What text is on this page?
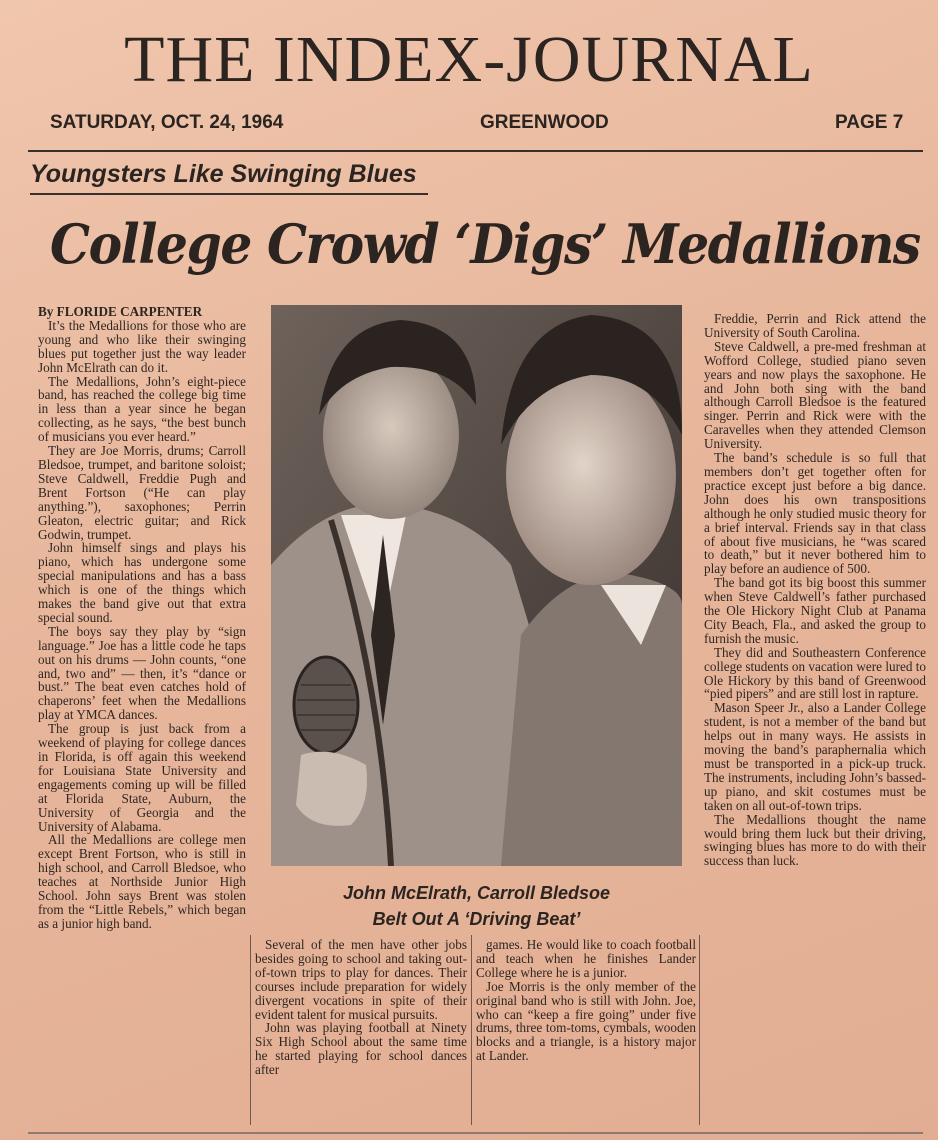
THE INDEX-JOURNAL
SATURDAY, OCT. 24, 1964	GREENWOOD	PAGE 7
Youngsters Like Swinging Blues
College Crowd ‘Digs’ Medallions

By FLORIDE CARPENTER

It’s the Medallions for those who are young and who like their swinging blues put together just the way leader John McElrath can do it.

The Medallions, John’s eight-piece band, has reached the college big time in less than a year since he began collecting, as he says, “the best bunch of musicians you ever heard.”

They are Joe Morris, drums; Carroll Bledsoe, trumpet, and baritone soloist; Steve Caldwell, Freddie Pugh and Brent Fortson (“He can play anything.”), saxophones; Perrin Gleaton, electric guitar; and Rick Godwin, trumpet.

John himself sings and plays his piano, which has undergone some special manipulations and has a bass which is one of the things which makes the band give out that extra special sound.

The boys say they play by “sign language.” Joe has a little code he taps out on his drums — John counts, “one and, two and” — then, it’s “dance or bust.” The beat even catches hold of chaperons’ feet when the Medallions play at YMCA dances.

The group is just back from a weekend of playing for college dances in Florida, is off again this weekend for Louisiana State University and engagements coming up will be filled at Florida State, Auburn, the University of Georgia and the University of Alabama.

All the Medallions are college men except Brent Fortson, who is still in high school, and Carroll Bledsoe, who teaches at Northside Junior High School. John says Brent was stolen from the “Little Rebels,” which began as a junior high band.

John McElrath, Carroll Bledsoe
Belt Out A ‘Driving Beat’

Several of the men have other jobs besides going to school and taking out-of-town trips to play for dances. Their courses include preparation for widely divergent vocations in spite of their evident talent for musical pursuits.

John was playing football at Ninety Six High School about the same time he started playing for school dances after

games. He would like to coach football and teach when he finishes Lander College where he is a junior.

Joe Morris is the only member of the original band who is still with John. Joe, who can “keep a fire going” under five drums, three tom-toms, cymbals, wooden blocks and a triangle, is a history major at Lander.

Freddie, Perrin and Rick attend the University of South Carolina.

Steve Caldwell, a pre-med freshman at Wofford College, studied piano seven years and now plays the saxophone. He and John both sing with the band although Carroll Bledsoe is the featured singer. Perrin and Rick were with the Caravelles when they attended Clemson University.

The band’s schedule is so full that members don’t get together often for practice except just before a big dance. John does his own transpositions although he only studied music theory for a brief interval. Friends say in that class of about five musicians, he “was scared to death,” but it never bothered him to play before an audience of 500.

The band got its big boost this summer when Steve Caldwell’s father purchased the Ole Hickory Night Club at Panama City Beach, Fla., and asked the group to furnish the music.

They did and Southeastern Conference college students on vacation were lured to Ole Hickory by this band of Greenwood “pied pipers” and are still lost in rapture.

Mason Speer Jr., also a Lander College student, is not a member of the band but helps out in many ways. He assists in moving the band’s paraphernalia which must be transported in a pick-up truck. The instruments, including John’s bassed-up piano, and skit costumes must be taken on all out-of-town trips.

The Medallions thought the name would bring them luck but their driving, swinging blues has more to do with their success than luck.
